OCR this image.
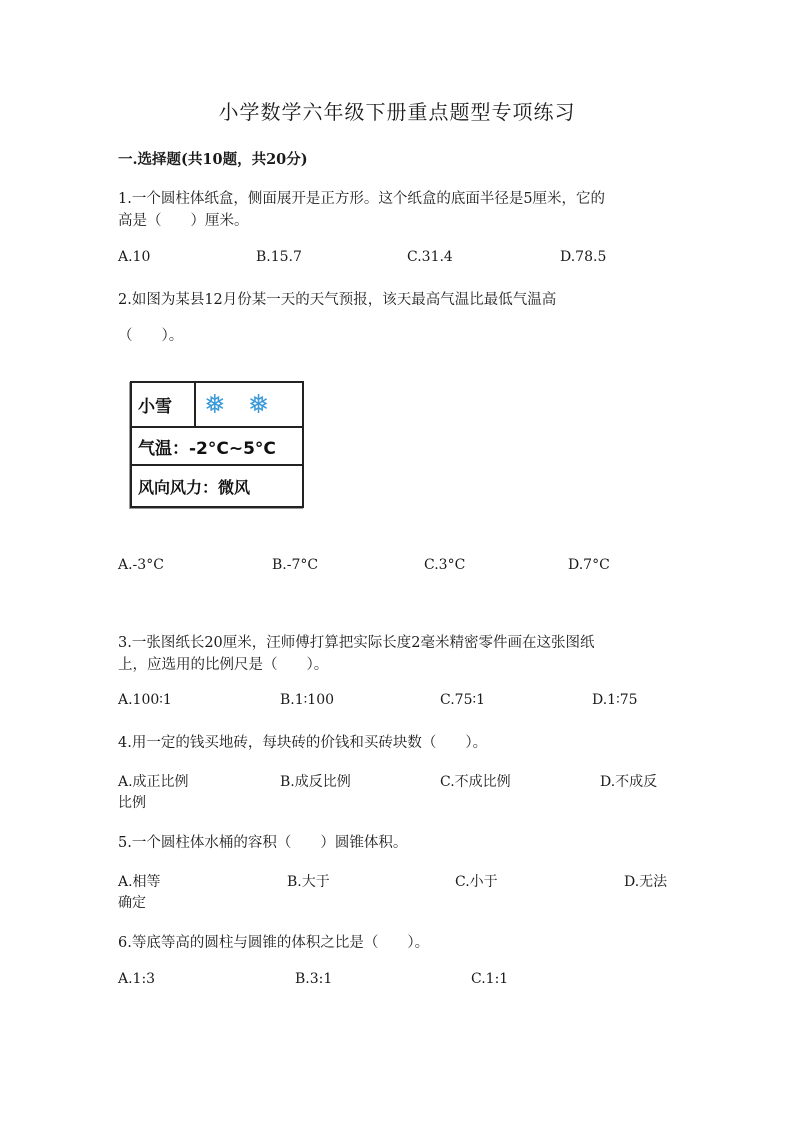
小学数学六年级下册重点题型专项练习
一.选择题(共10题，共20分)
1.一个圆柱体纸盒，侧面展开是正方形。这个纸盒的底面半径是5厘米，它的
高是（　　）厘米。
A.10	B.15.7	C.31.4	D.78.5
2.如图为某县12月份某一天的天气预报，该天最高气温比最低气温高
（　　）。
小雪	❅ ❅
气温：-2°C~5°C
风向风力：微风
A.-3°C	B.-7°C	C.3°C	D.7°C
3.一张图纸长20厘米，汪师傅打算把实际长度2毫米精密零件画在这张图纸
上，应选用的比例尺是（　　）。
A.100∶1	B.1∶100	C.75∶1	D.1∶75
4.用一定的钱买地砖，每块砖的价钱和买砖块数（　　）。
A.成正比例	B.成反比例	C.不成比例	D.不成反
比例
5.一个圆柱体水桶的容积（　　）圆锥体积。
A.相等	B.大于	C.小于	D.无法
确定
6.等底等高的圆柱与圆锥的体积之比是（　　）。
A.1:3	B.3:1	C.1:1
